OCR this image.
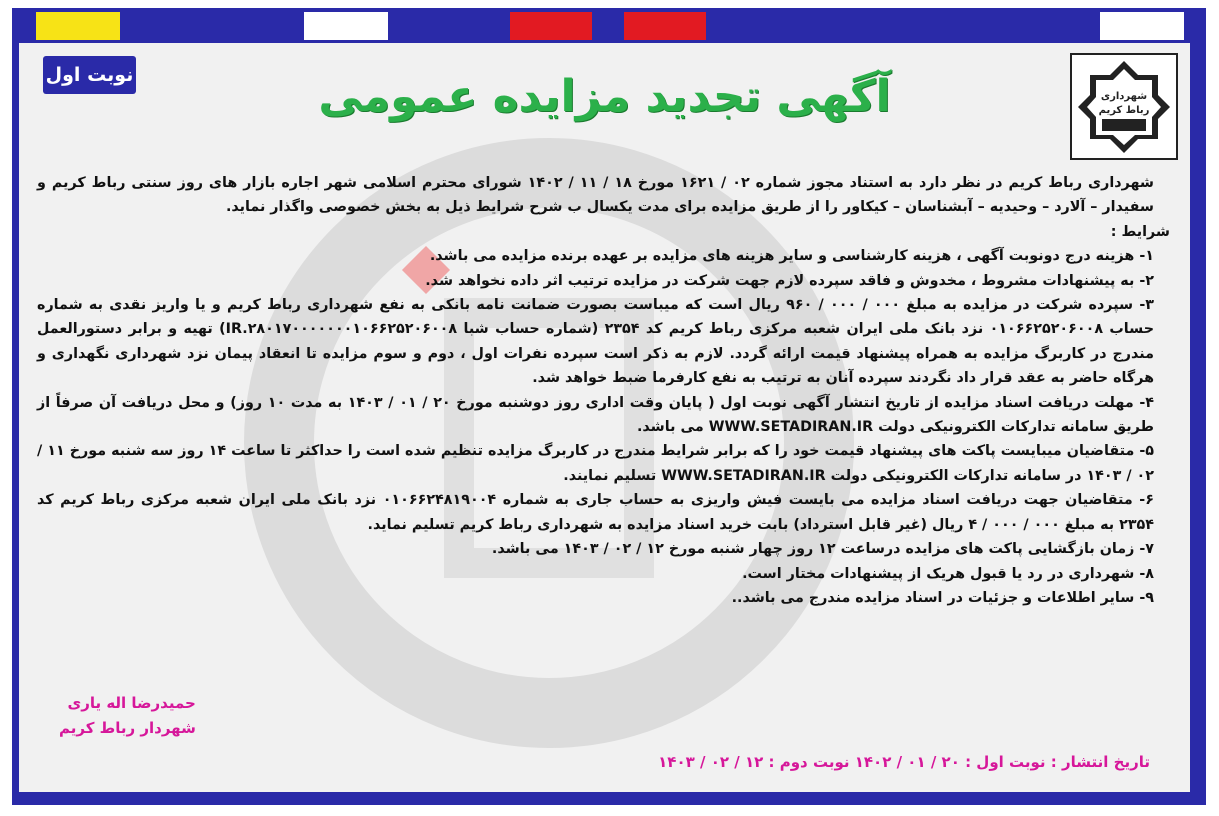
شهرداری
رباط کریم
نوبت اول	آگهی تجدید مزایده عمومی

شهرداری رباط کریم در نظر دارد به استناد مجوز شماره ۰۲ / ۱۶۲۱ مورخ ۱۸ / ۱۱ / ۱۴۰۲ شورای محترم اسلامی شهر اجاره بازار های روز سنتی رباط کریم و سفیدار – آلارد – وحیدیه – آبشناسان – کیکاور را از طریق مزایده برای مدت یکسال ب شرح شرایط ذیل به بخش خصوصی واگذار نماید.

شرایط :

۱- هزینه درج دونوبت آگهی ، هزینه کارشناسی و سایر هزینه های مزایده بر عهده برنده مزایده می باشد.

۲- به پیشنهادات مشروط ، مخدوش و فاقد سپرده لازم جهت شرکت در مزایده ترتیب اثر داده نخواهد شد.

۳- سپرده شرکت در مزایده به مبلغ ۰۰۰ / ۰۰۰ / ۹۶۰ ریال است که میباست بصورت ضمانت نامه بانکی به نفع شهرداری رباط کریم و یا واریز نقدی به شماره حساب ۰۱۰۶۶۲۵۲۰۶۰۰۸ نزد بانک ملی ایران شعبه مرکزی رباط کریم کد ۲۳۵۴ (شماره حساب شبا IR.۲۸۰۱۷۰۰۰۰۰۰۰۱۰۶۶۲۵۲۰۶۰۰۸) تهیه و برابر دستورالعمل مندرج در کاربرگ مزایده به همراه پیشنهاد قیمت ارائه گردد. لازم به ذکر است سپرده نفرات اول ، دوم و سوم مزایده تا انعقاد پیمان نزد شهرداری نگهداری و هرگاه حاضر به عقد قرار داد نگردند سپرده آنان به ترتیب به نفع کارفرما ضبط خواهد شد.

۴- مهلت دریافت اسناد مزایده از تاریخ انتشار آگهی نوبت اول ( پایان وقت اداری روز دوشنبه مورخ ۲۰ / ۰۱ / ۱۴۰۳ به مدت ۱۰ روز) و محل دریافت آن صرفاً از طریق سامانه تدارکات الکترونیکی دولت WWW.SETADIRAN.IR می باشد.

۵- متقاضیان میبایست پاکت های پیشنهاد قیمت خود را که برابر شرایط مندرج در کاربرگ مزایده تنظیم شده است را حداکثر تا ساعت ۱۴ روز سه شنبه مورخ ۱۱ / ۰۲ / ۱۴۰۳ در سامانه تدارکات الکترونیکی دولت WWW.SETADIRAN.IR تسلیم نمایند.

۶- متقاضیان جهت دریافت اسناد مزایده می بایست فیش واریزی به حساب جاری به شماره ۰۱۰۶۶۲۴۸۱۹۰۰۴ نزد بانک ملی ایران شعبه مرکزی رباط کریم کد ۲۳۵۴ به مبلغ ۰۰۰ / ۰۰۰ / ۴ ریال (غیر قابل استرداد) بابت خرید اسناد مزایده به شهرداری رباط کریم تسلیم نماید.

۷- زمان بازگشایی پاکت های مزایده درساعت ۱۲ روز چهار شنبه مورخ ۱۲ / ۰۲ / ۱۴۰۳ می باشد.

۸- شهرداری در رد یا قبول هریک از پیشنهادات مختار است.

۹- سایر اطلاعات و جزئیات در اسناد مزایده مندرج می باشد..

حمیدرضا اله یاری
شهردار رباط کریم
تاریخ انتشار : نوبت اول : ۲۰ / ۰۱ / ۱۴۰۲ نوبت دوم : ۱۲ / ۰۲ / ۱۴۰۳
